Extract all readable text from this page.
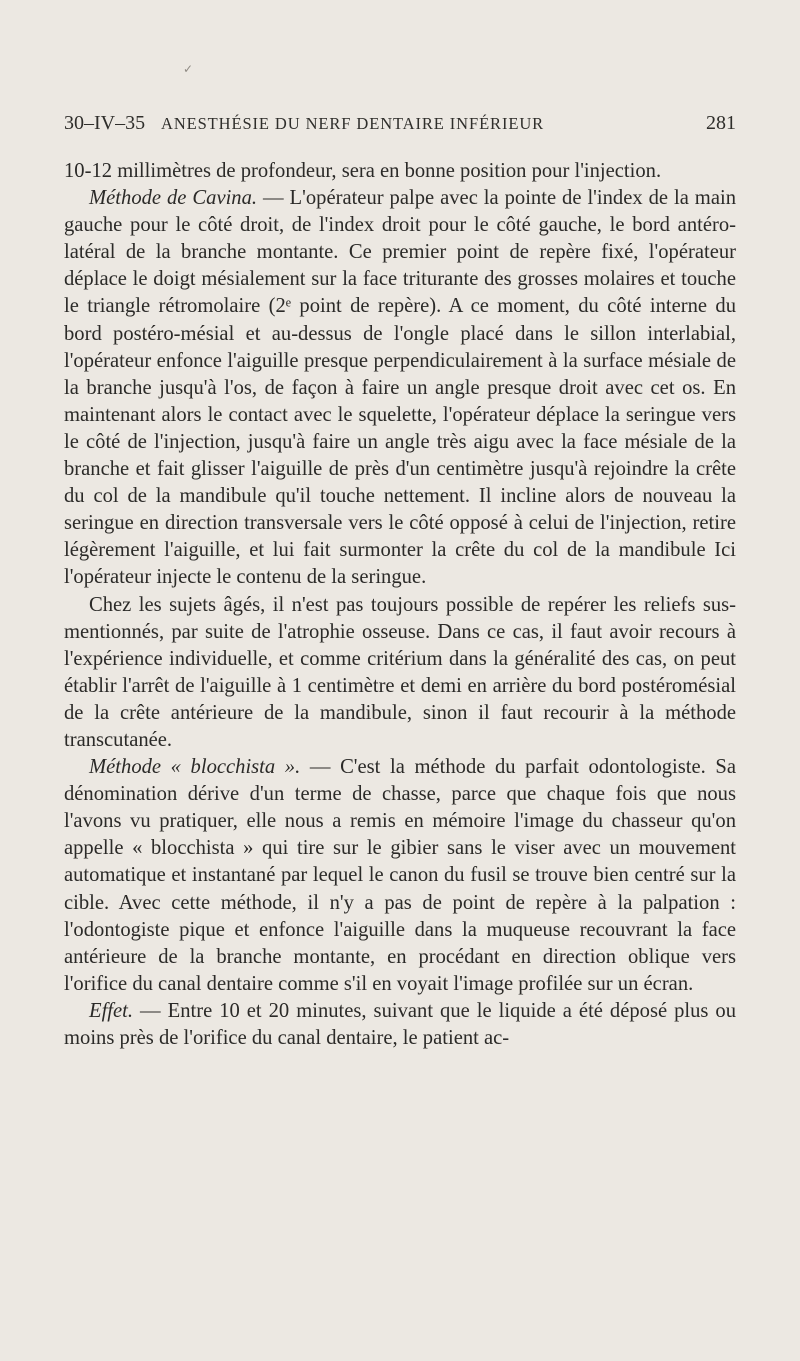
✓
30–IV–35 ANESTHÉSIE DU NERF DENTAIRE INFÉRIEUR	281

10-12 millimètres de profondeur, sera en bonne position pour l'injection.

Méthode de Cavina. — L'opérateur palpe avec la pointe de l'index de la main gauche pour le côté droit, de l'index droit pour le côté gauche, le bord antéro-latéral de la branche montante. Ce premier point de repère fixé, l'opérateur déplace le doigt mésialement sur la face triturante des grosses molaires et touche le triangle rétromolaire (2ᵉ point de repère). A ce moment, du côté interne du bord postéro-mésial et au-dessus de l'ongle placé dans le sillon interlabial, l'opérateur enfonce l'aiguille presque perpendiculairement à la surface mésiale de la branche jusqu'à l'os, de façon à faire un angle presque droit avec cet os. En maintenant alors le contact avec le squelette, l'opérateur déplace la seringue vers le côté de l'injection, jusqu'à faire un angle très aigu avec la face mésiale de la branche et fait glisser l'aiguille de près d'un centimètre jusqu'à rejoindre la crête du col de la mandibule qu'il touche nettement. Il incline alors de nouveau la seringue en direction transversale vers le côté opposé à celui de l'injection, retire légèrement l'aiguille, et lui fait surmonter la crête du col de la mandibule Ici l'opérateur injecte le contenu de la seringue.

Chez les sujets âgés, il n'est pas toujours possible de repérer les reliefs sus-mentionnés, par suite de l'atrophie osseuse. Dans ce cas, il faut avoir recours à l'expérience individuelle, et comme critérium dans la généralité des cas, on peut établir l'arrêt de l'aiguille à 1 centimètre et demi en arrière du bord postéromésial de la crête antérieure de la mandibule, sinon il faut recourir à la méthode transcutanée.

Méthode « blocchista ». — C'est la méthode du parfait odontologiste. Sa dénomination dérive d'un terme de chasse, parce que chaque fois que nous l'avons vu pratiquer, elle nous a remis en mémoire l'image du chasseur qu'on appelle « blocchista » qui tire sur le gibier sans le viser avec un mouvement automatique et instantané par lequel le canon du fusil se trouve bien centré sur la cible. Avec cette méthode, il n'y a pas de point de repère à la palpation : l'odontogiste pique et enfonce l'aiguille dans la muqueuse recouvrant la face antérieure de la branche montante, en procédant en direction oblique vers l'orifice du canal dentaire comme s'il en voyait l'image profilée sur un écran.

Effet. — Entre 10 et 20 minutes, suivant que le liquide a été déposé plus ou moins près de l'orifice du canal dentaire, le patient ac-
